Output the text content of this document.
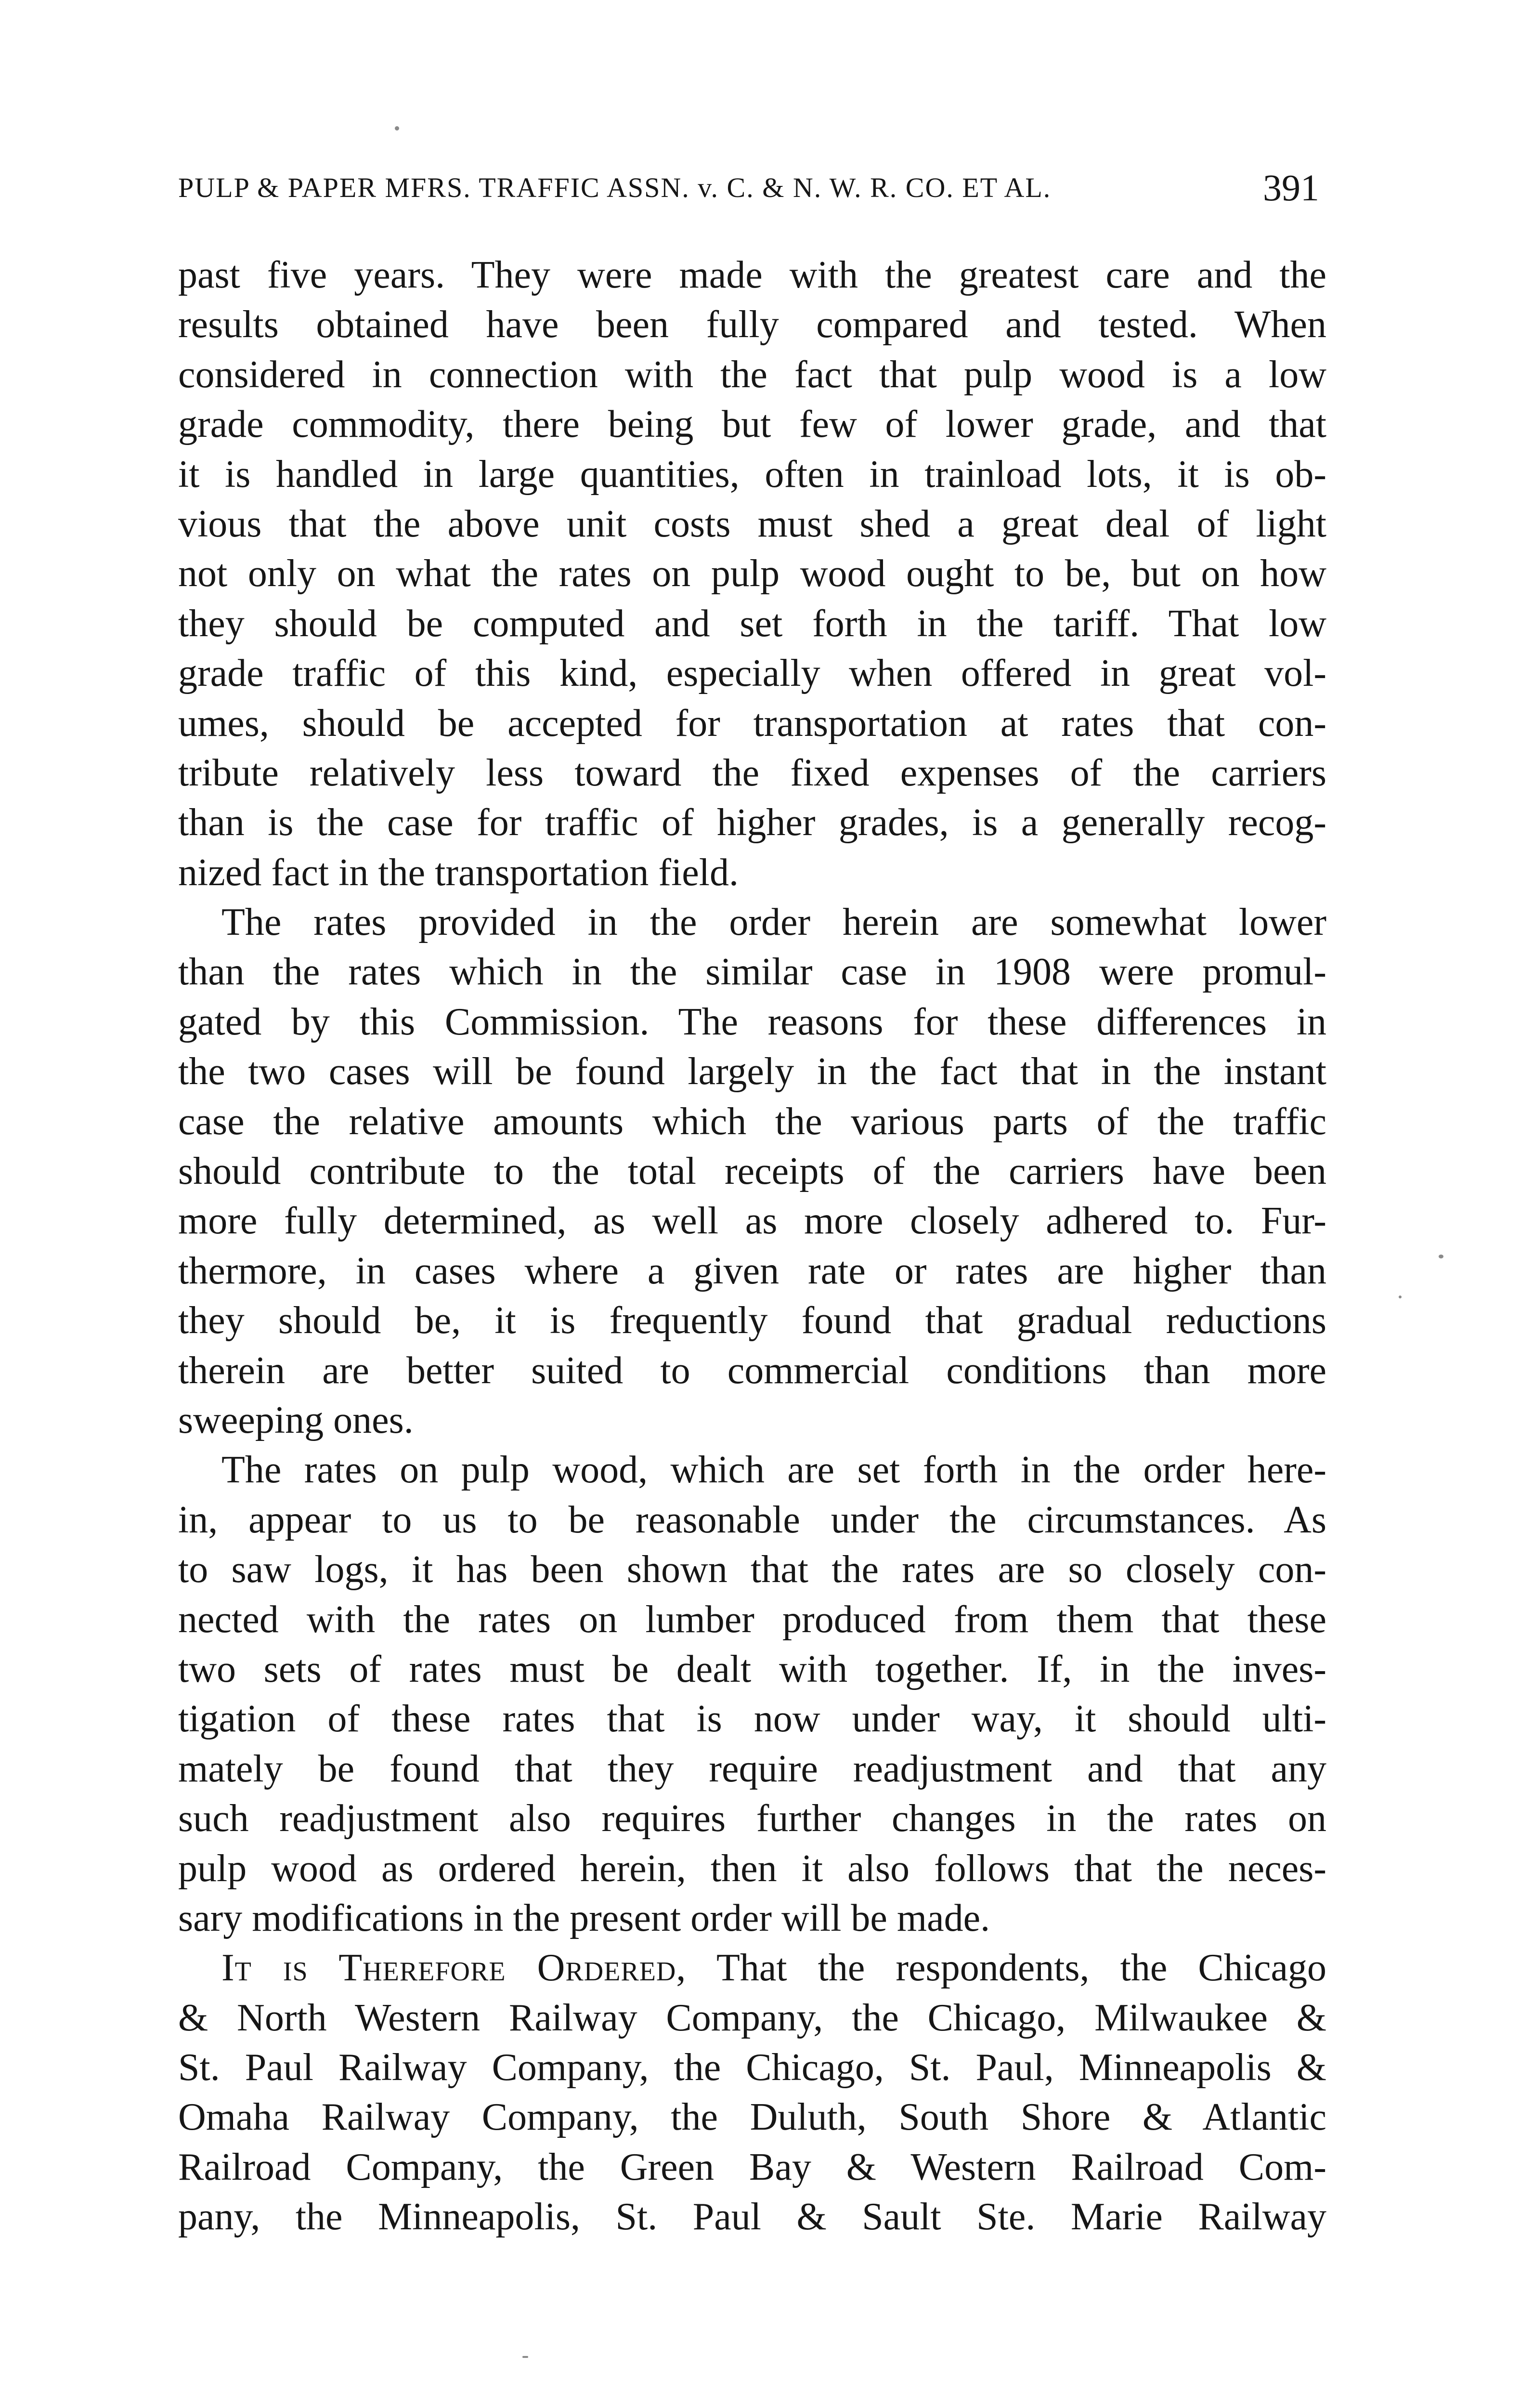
PULP & PAPER MFRS. TRAFFIC ASSN. v. C. & N. W. R. CO. ET AL.	391
past five years. They were made with the greatest care and the
results obtained have been fully compared and tested. When
considered in connection with the fact that pulp wood is a low
grade commodity, there being but few of lower grade, and that
it is handled in large quantities, often in trainload lots, it is ob-
vious that the above unit costs must shed a great deal of light
not only on what the rates on pulp wood ought to be, but on how
they should be computed and set forth in the tariff. That low
grade traffic of this kind, especially when offered in great vol-
umes, should be accepted for transportation at rates that con-
tribute relatively less toward the fixed expenses of the carriers
than is the case for traffic of higher grades, is a generally recog-
nized fact in the transportation field.
The rates provided in the order herein are somewhat lower
than the rates which in the similar case in 1908 were promul-
gated by this Commission. The reasons for these differences in
the two cases will be found largely in the fact that in the instant
case the relative amounts which the various parts of the traffic
should contribute to the total receipts of the carriers have been
more fully determined, as well as more closely adhered to. Fur-
thermore, in cases where a given rate or rates are higher than
they should be, it is frequently found that gradual reductions
therein are better suited to commercial conditions than more
sweeping ones.
The rates on pulp wood, which are set forth in the order here-
in, appear to us to be reasonable under the circumstances. As
to saw logs, it has been shown that the rates are so closely con-
nected with the rates on lumber produced from them that these
two sets of rates must be dealt with together. If, in the inves-
tigation of these rates that is now under way, it should ulti-
mately be found that they require readjustment and that any
such readjustment also requires further changes in the rates on
pulp wood as ordered herein, then it also follows that the neces-
sary modifications in the present order will be made.
It is Therefore Ordered, That the respondents, the Chicago
& North Western Railway Company, the Chicago, Milwaukee &
St. Paul Railway Company, the Chicago, St. Paul, Minneapolis &
Omaha Railway Company, the Duluth, South Shore & Atlantic
Railroad Company, the Green Bay & Western Railroad Com-
pany, the Minneapolis, St. Paul & Sault Ste. Marie Railway
